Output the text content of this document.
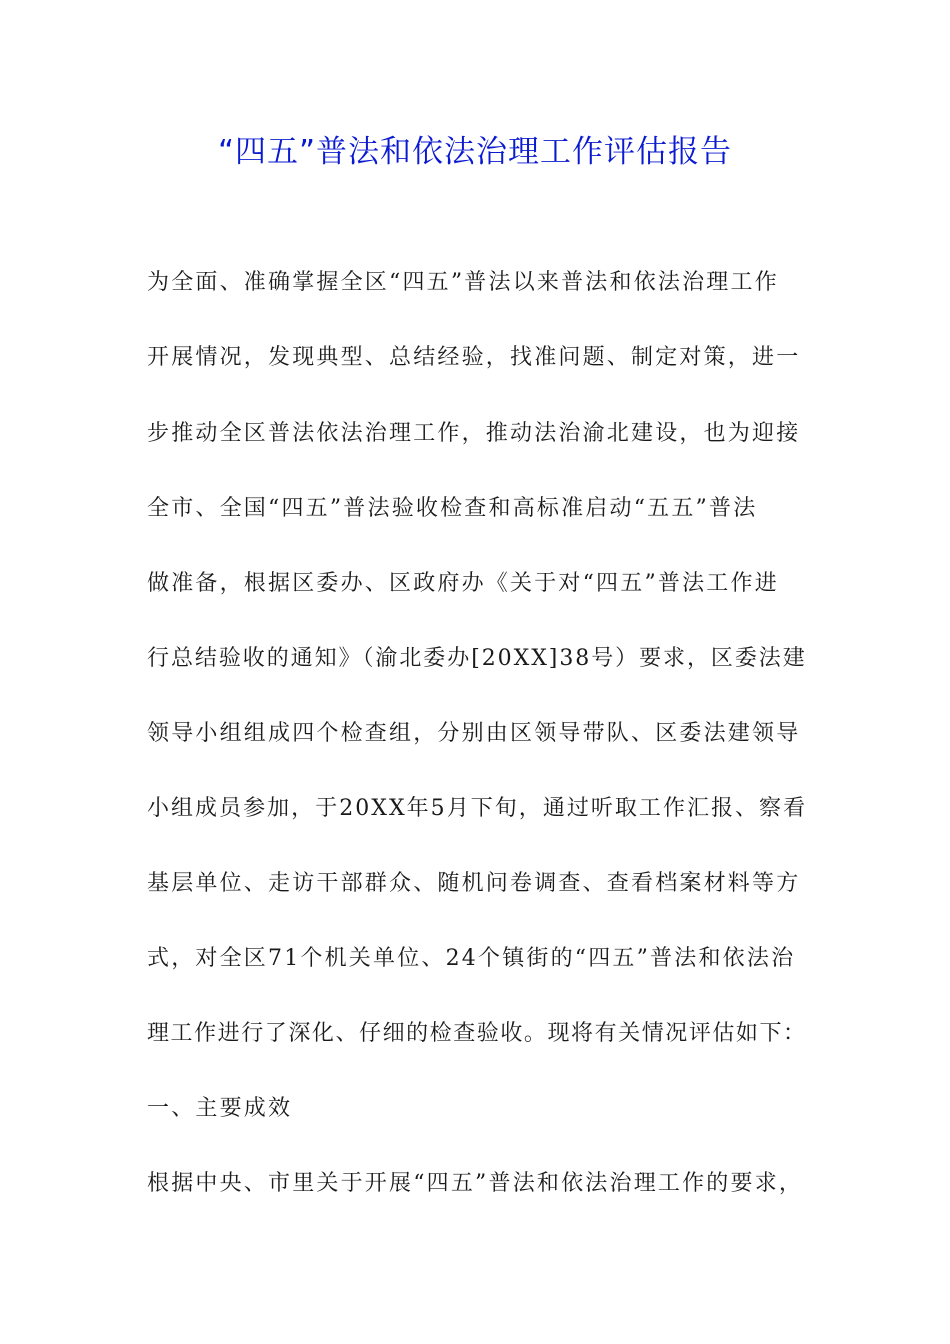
“四五”普法和依法治理工作评估报告
为全面、准确掌握全区“四五”普法以来普法和依法治理工作
开展情况，发现典型、总结经验，找准问题、制定对策，进一
步推动全区普法依法治理工作，推动法治渝北建设，也为迎接
全市、全国“四五”普法验收检查和高标准启动“五五”普法
做准备，根据区委办、区政府办《关于对“四五”普法工作进
行总结验收的通知》（渝北委办[20XX]38号）要求，区委法建
领导小组组成四个检查组，分别由区领导带队、区委法建领导
小组成员参加，于20XX年5月下旬，通过听取工作汇报、察看
基层单位、走访干部群众、随机问卷调查、查看档案材料等方
式，对全区71个机关单位、24个镇街的“四五”普法和依法治
理工作进行了深化、仔细的检查验收。现将有关情况评估如下：
一、主要成效
根据中央、市里关于开展“四五”普法和依法治理工作的要求，
